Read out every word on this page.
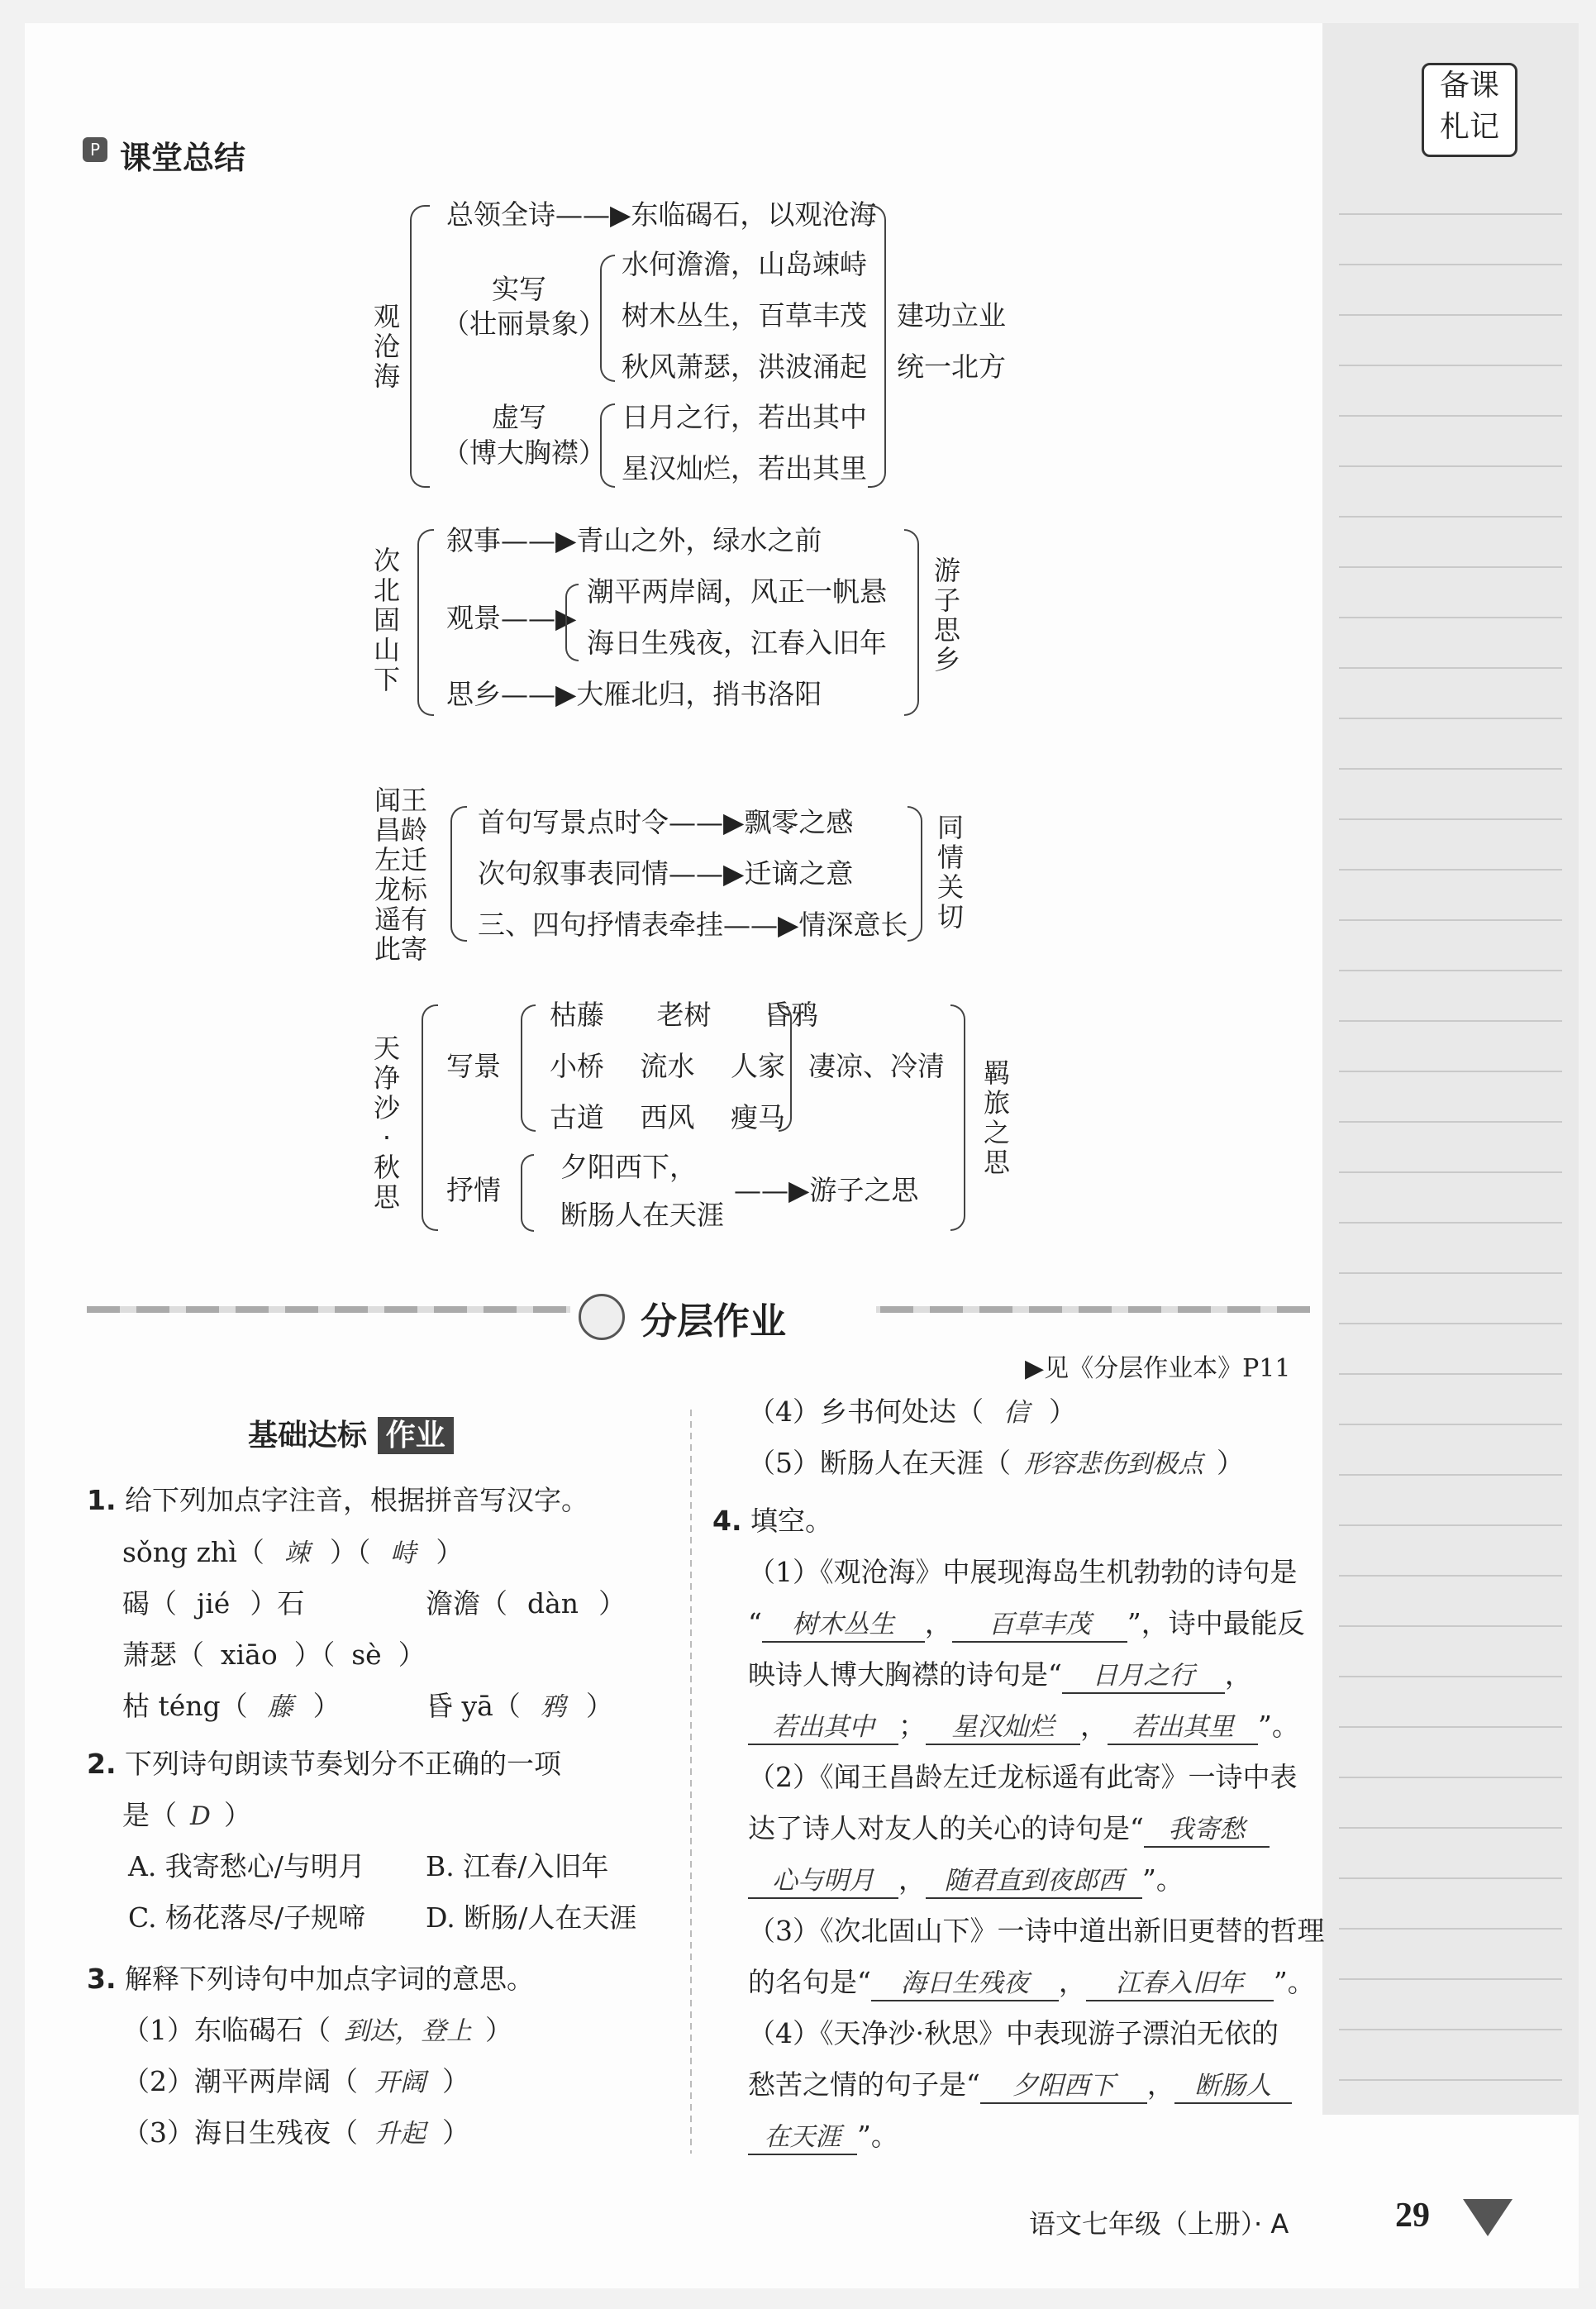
备课
札记
P 课堂总结
观沧海
总领全诗——▶东临碣石，以观沧海
实写
（壮丽景象）
水何澹澹，山岛竦峙
树木丛生，百草丰茂
秋风萧瑟，洪波涌起
虚写
（博大胸襟）
日月之行，若出其中
星汉灿烂，若出其里
建功立业
统一北方
次北固山下
叙事——▶青山之外，绿水之前
观景——▶
潮平两岸阔，风正一帆悬
海日生残夜，江春入旧年
思乡——▶大雁北归，捎书洛阳
游子思乡
闻王昌龄左迁龙标遥有此寄
首句写景点时令——▶飘零之感
次句叙事表同情——▶迁谪之意
三、四句抒情表牵挂——▶情深意长
同情关切
天净沙·秋思
写景
枯藤　 老树　 昏鸦
小桥　 流水　 人家
古道　 西风　 瘦马
凄凉、冷清
抒情
夕阳西下，
断肠人在天涯
——▶游子之思
羁旅之思
分层作业
▶见《分层作业本》P11
基础达标 作业
1. 给下列加点字注音，根据拼音写汉字。
sǒng zhì（ 竦 ）（ 峙 ）
碣（ jié ）石	澹澹（ dàn ）
萧瑟（ xiāo ）（ sè ）
枯 téng（ 藤 ）	昏 yā（ 鸦 ）
2. 下列诗句朗读节奏划分不正确的一项
是（ D ）
A. 我寄愁心/与明月 B. 江春/入旧年
C. 杨花落尽/子规啼 D. 断肠/人在天涯
3. 解释下列诗句中加点字词的意思。
（1）东临碣石（ 到达，登上 ）
（2）潮平两岸阔（ 开阔 ）
（3）海日生残夜（ 升起 ）
（4）乡书何处达（ 信 ）
（5）断肠人在天涯（ 形容悲伤到极点 ）
4. 填空。
（1）《观沧海》中展现海岛生机勃勃的诗句是
“ 树木丛生 ， 百草丰茂 ”，诗中最能反
映诗人博大胸襟的诗句是“ 日月之行 ，
若出其中 ； 星汉灿烂 ， 若出其里 ”。
（2）《闻王昌龄左迁龙标遥有此寄》一诗中表
达了诗人对友人的关心的诗句是“ 我寄愁
心与明月 ， 随君直到夜郎西 ”。
（3）《次北固山下》一诗中道出新旧更替的哲理
的名句是“ 海日生残夜 ， 江春入旧年 ”。
（4）《天净沙·秋思》中表现游子漂泊无依的
愁苦之情的句子是“ 夕阳西下 ， 断肠人
在天涯 ”。
语文七年级（上册）· A	29
